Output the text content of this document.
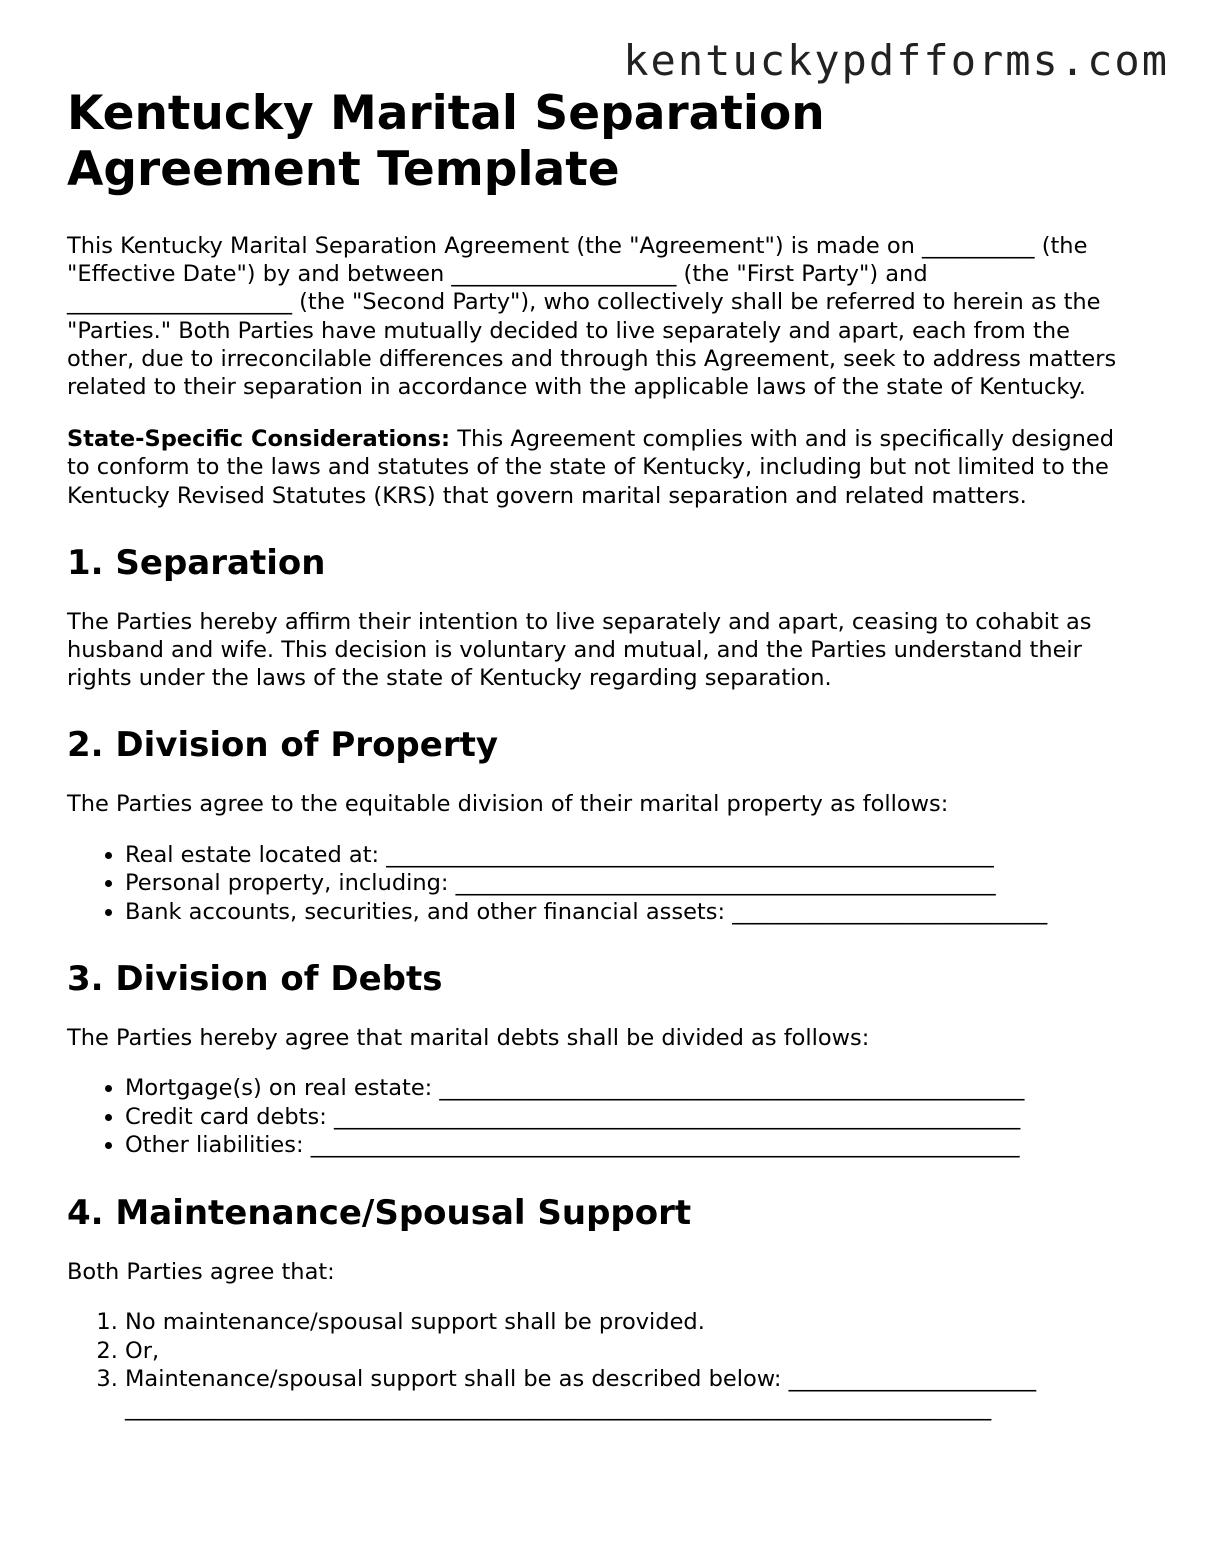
kentuckypdfforms.com
Kentucky Marital Separation Agreement Template

This Kentucky Marital Separation Agreement (the "Agreement") is made on __________ (the "Effective Date") by and between ____________________ (the "First Party") and ____________________ (the "Second Party"), who collectively shall be referred to herein as the "Parties." Both Parties have mutually decided to live separately and apart, each from the other, due to irreconcilable differences and through this Agreement, seek to address matters related to their separation in accordance with the applicable laws of the state of Kentucky.

State-Specific Considerations: This Agreement complies with and is specifically designed to conform to the laws and statutes of the state of Kentucky, including but not limited to the Kentucky Revised Statutes (KRS) that govern marital separation and related matters.

1. Separation

The Parties hereby affirm their intention to live separately and apart, ceasing to cohabit as husband and wife. This decision is voluntary and mutual, and the Parties understand their rights under the laws of the state of Kentucky regarding separation.

2. Division of Property

The Parties agree to the equitable division of their marital property as follows:

• Real estate located at: ______________________________________________________
• Personal property, including: ________________________________________________
• Bank accounts, securities, and other financial assets: ____________________________
3. Division of Debts

The Parties hereby agree that marital debts shall be divided as follows:

• Mortgage(s) on real estate: ____________________________________________________
• Credit card debts: _____________________________________________________________
• Other liabilities: _______________________________________________________________
4. Maintenance/Spousal Support

Both Parties agree that:

1. No maintenance/spousal support shall be provided.
2. Or,
3. Maintenance/spousal support shall be as described below: ______________________ _____________________________________________________________________________
